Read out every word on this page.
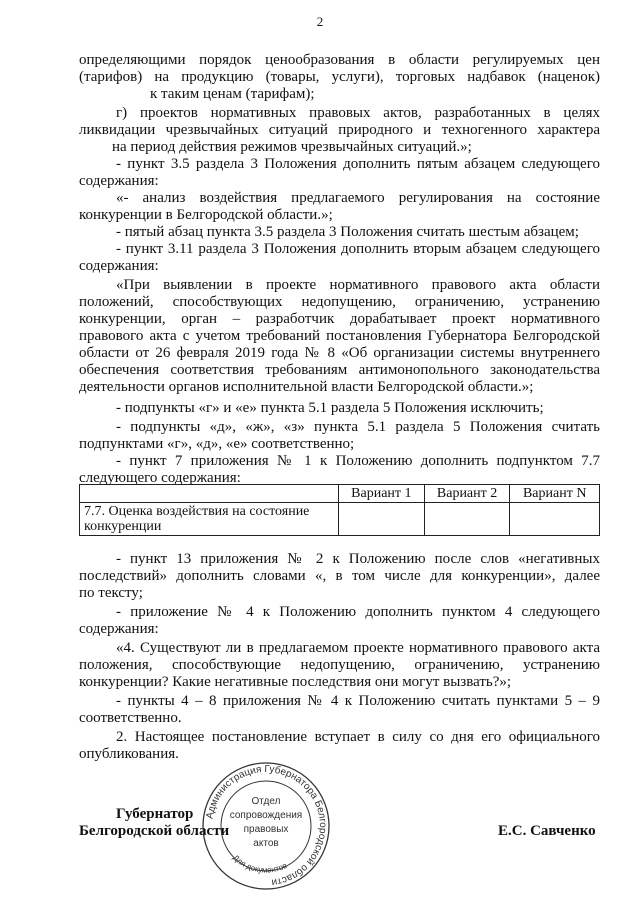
2
определяющими порядок ценообразования в области регулируемых цен
(тарифов) на продукцию (товары, услуги), торговых надбавок (наценок)
к таким ценам (тарифам);
г) проектов нормативных правовых актов, разработанных в целях
ликвидации чрезвычайных ситуаций природного и техногенного характера
на период действия режимов чрезвычайных ситуаций.»;
- пункт 3.5 раздела 3 Положения дополнить пятым абзацем следующего
содержания:
«- анализ воздействия предлагаемого регулирования на состояние
конкуренции в Белгородской области.»;
- пятый абзац пункта 3.5 раздела 3 Положения считать шестым абзацем;
- пункт 3.11 раздела 3 Положения дополнить вторым абзацем следующего
содержания:
«При выявлении в проекте нормативного правового акта области
положений, способствующих недопущению, ограничению, устранению
конкуренции, орган – разработчик дорабатывает проект нормативного
правового акта с учетом требований постановления Губернатора Белгородской
области от 26 февраля 2019 года № 8 «Об организации системы внутреннего
обеспечения соответствия требованиям антимонопольного законодательства
деятельности органов исполнительной власти Белгородской области.»;
- подпункты «г» и «е» пункта 5.1 раздела 5 Положения исключить;
- подпункты «д», «ж», «з» пункта 5.1 раздела 5 Положения считать
подпунктами «г», «д», «е» соответственно;
- пункт 7 приложения № 1 к Положению дополнить подпунктом 7.7
следующего содержания:
	Вариант 1	Вариант 2	Вариант N
7.7. Оценка воздействия на состояние конкуренции			
- пункт 13 приложения № 2 к Положению после слов «негативных
последствий» дополнить словами «, в том числе для конкуренции», далее
по тексту;
- приложение № 4 к Положению дополнить пунктом 4 следующего
содержания:
«4. Существуют ли в предлагаемом проекте нормативного правового акта
положения, способствующие недопущению, ограничению, устранению
конкуренции? Какие негативные последствия они могут вызвать?»;
- пункты 4 – 8 приложения № 4 к Положению считать пунктами 5 – 9
соответственно.
2. Настоящее постановление вступает в силу со дня его официального
опубликования.
Губернатор
Белгородской области	Е.С. Савченко
Администрация Губернатора Белгородской области
Отдел
сопровождения
правовых
актов
Для документов
